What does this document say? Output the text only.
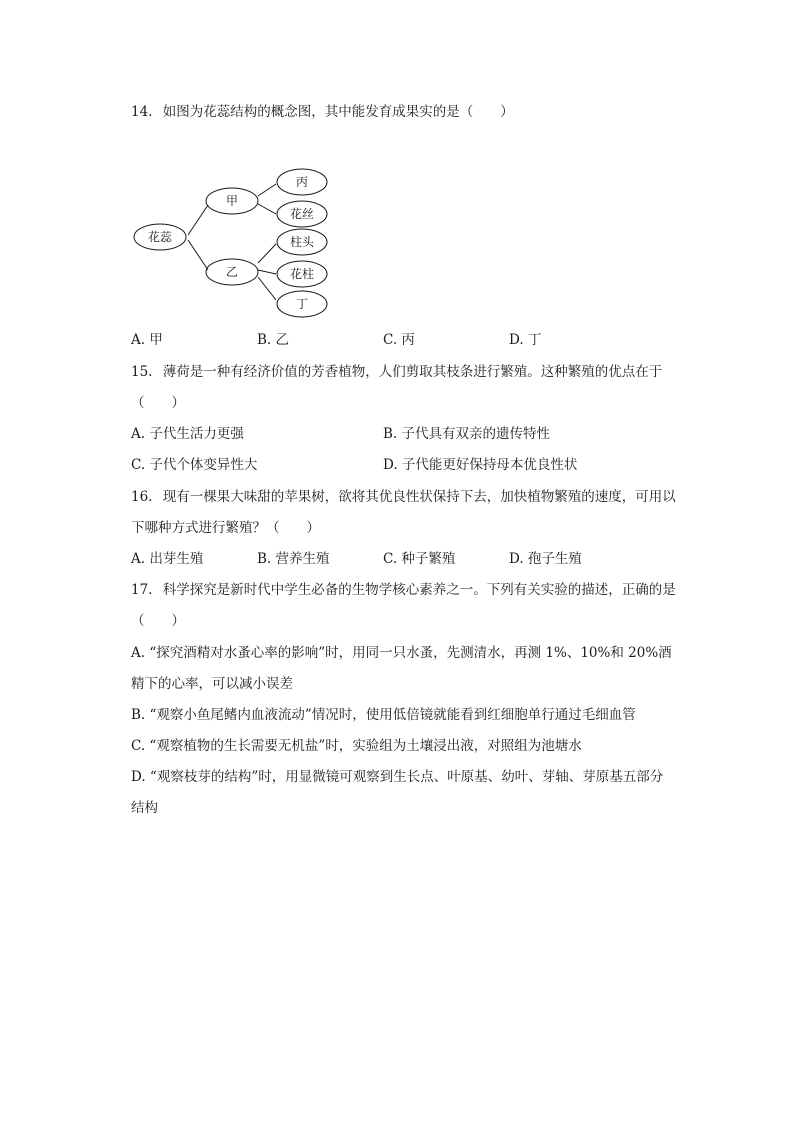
14. 如图为花蕊结构的概念图，其中能发育成果实的是（　　）
花蕊
甲
乙
丙
花丝
柱头
花柱
丁
A. 甲	B. 乙	C. 丙	D. 丁
15. 薄荷是一种有经济价值的芳香植物，人们剪取其枝条进行繁殖。这种繁殖的优点在于
（　　）
A. 子代生活力更强	B. 子代具有双亲的遗传特性
C. 子代个体变异性大	D. 子代能更好保持母本优良性状
16. 现有一棵果大味甜的苹果树，欲将其优良性状保持下去，加快植物繁殖的速度，可用以
下哪种方式进行繁殖？（　　）
A. 出芽生殖	B. 营养生殖	C. 种子繁殖	D. 孢子生殖
17. 科学探究是新时代中学生必备的生物学核心素养之一。下列有关实验的描述，正确的是
（　　）
A. “探究酒精对水蚤心率的影响”时，用同一只水蚤，先测清水，再测 1%、10%和 20%酒
精下的心率，可以减小误差
B. “观察小鱼尾鳍内血液流动”情况时，使用低倍镜就能看到红细胞单行通过毛细血管
C. “观察植物的生长需要无机盐”时，实验组为土壤浸出液，对照组为池塘水
D. “观察枝芽的结构”时，用显微镜可观察到生长点、叶原基、幼叶、芽轴、芽原基五部分
结构
